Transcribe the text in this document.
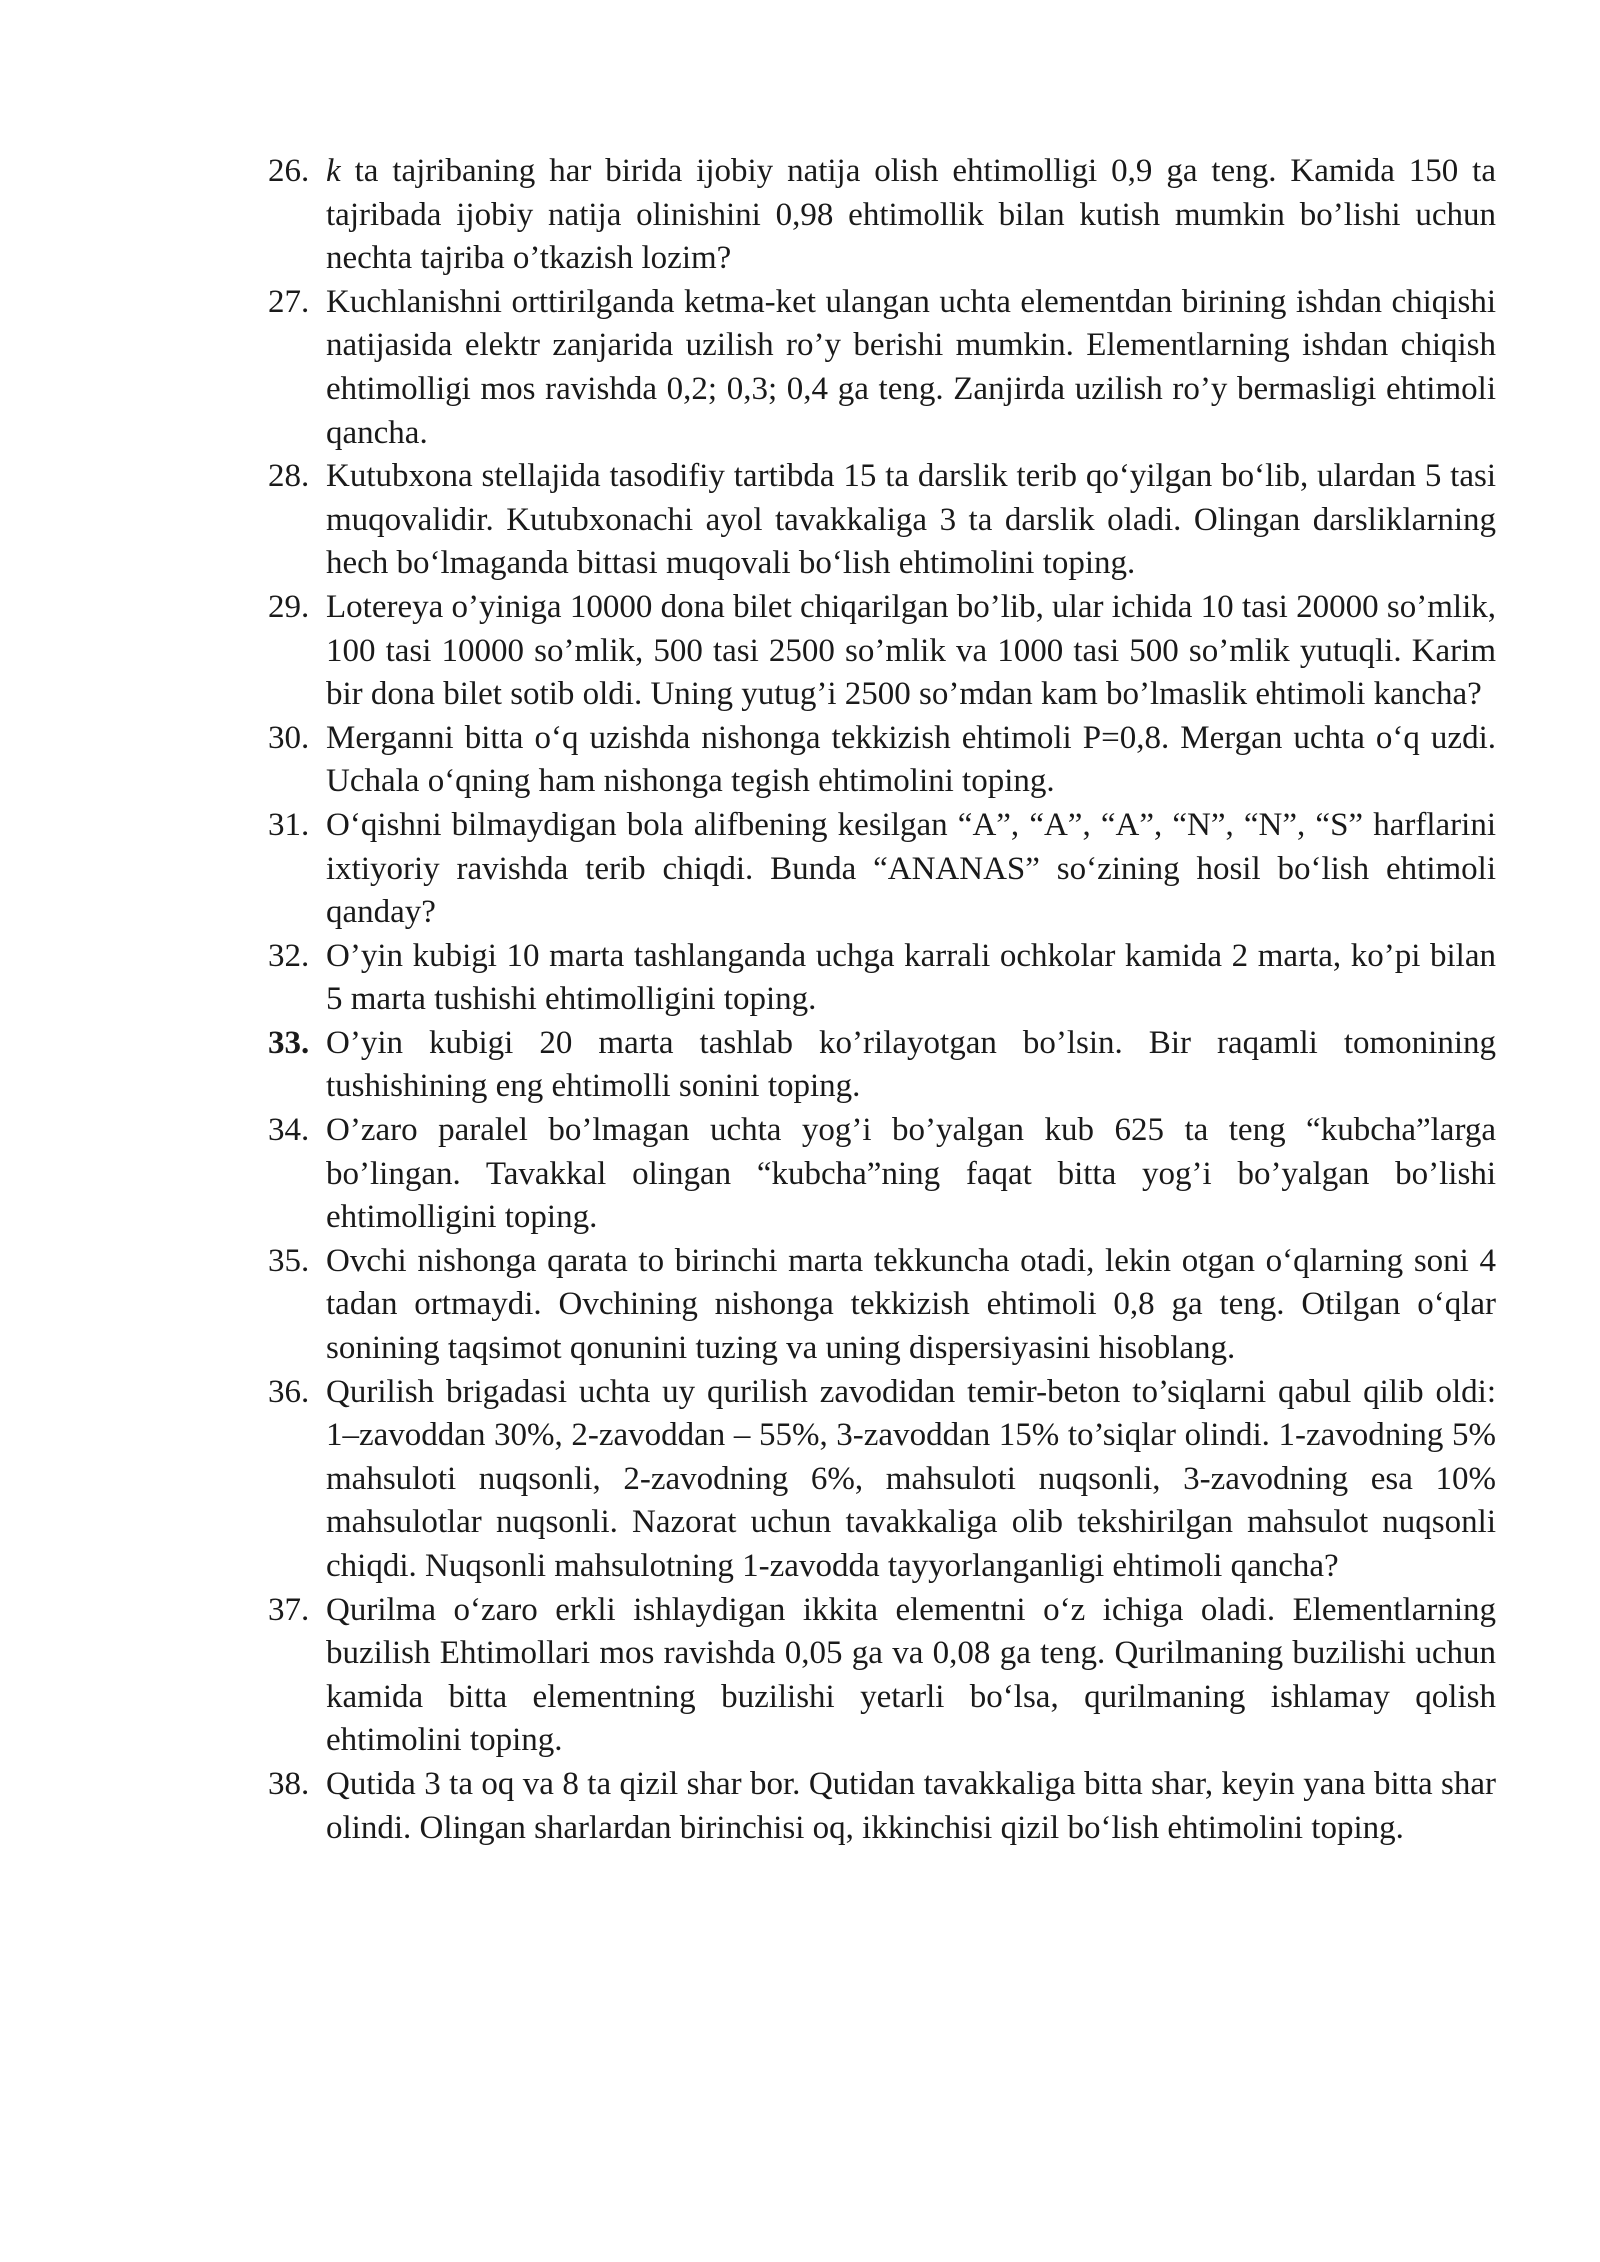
26. k ta tajribaning har birida ijobiy natija olish ehtimolligi 0,9 ga teng. Kamida 150 ta tajribada ijobiy natija olinishini 0,98 ehtimollik bilan kutish mumkin bo’lishi uchun nechta tajriba o’tkazish lozim?
27. Kuchlanishni orttirilganda ketma-ket ulangan uchta elementdan birining ishdan chiqishi natijasida elektr zanjarida uzilish ro’y berishi mumkin. Elementlarning ishdan chiqish ehtimolligi mos ravishda 0,2; 0,3; 0,4 ga teng. Zanjirda uzilish ro’y bermasligi ehtimoli qancha.
28. Kutubxona stellajida tasodifiy tartibda 15 ta darslik terib qo‘yilgan bo‘lib, ulardan 5 tasi muqovalidir. Kutubxonachi ayol tavakkaliga 3 ta darslik oladi. Olingan darsliklarning hech bo‘lmaganda bittasi muqovali bo‘lish ehtimolini toping.
29. Lotereya o’yiniga 10000 dona bilet chiqarilgan bo’lib, ular ichida 10 tasi 20000 so’mlik, 100 tasi 10000 so’mlik, 500 tasi 2500 so’mlik va 1000 tasi 500 so’mlik yutuqli. Karim bir dona bilet sotib oldi. Uning yutug’i 2500 so’mdan kam bo’lmaslik ehtimoli kancha?
30. Merganni bitta o‘q uzishda nishonga tekkizish ehtimoli P=0,8. Mergan uchta o‘q uzdi. Uchala o‘qning ham nishonga tegish ehtimolini toping.
31. O‘qishni bilmaydigan bola alifbening kesilgan “A”, “A”, “A”, “N”, “N”, “S” harflarini ixtiyoriy ravishda terib chiqdi. Bunda “ANANAS” so‘zining hosil bo‘lish ehtimoli qanday?
32. O’yin kubigi 10 marta tashlanganda uchga karrali ochkolar kamida 2 marta, ko’pi bilan 5 marta tushishi ehtimolligini toping.
33. O’yin kubigi 20 marta tashlab ko’rilayotgan bo’lsin. Bir raqamli tomonining tushishining eng ehtimolli sonini toping.
34. O’zaro paralel bo’lmagan uchta yog’i bo’yalgan kub 625 ta teng “kubcha”larga bo’lingan. Tavakkal olingan “kubcha”ning faqat bitta yog’i bo’yalgan bo’lishi ehtimolligini toping.
35. Ovchi nishonga qarata to birinchi marta tekkuncha otadi, lekin otgan o‘qlarning soni 4 tadan ortmaydi. Ovchining nishonga tekkizish ehtimoli 0,8 ga teng. Otilgan o‘qlar sonining taqsimot qonunini tuzing va uning dispersiyasini hisoblang.
36. Qurilish brigadasi uchta uy qurilish zavodidan temir-beton to’siqlarni qabul qilib oldi: 1–zavoddan 30%, 2-zavoddan – 55%, 3-zavoddan 15% to’siqlar olindi. 1-zavodning 5% mahsuloti nuqsonli, 2-zavodning 6%, mahsuloti nuqsonli, 3-zavodning esa 10% mahsulotlar nuqsonli. Nazorat uchun tavakkaliga olib tekshirilgan mahsulot nuqsonli chiqdi. Nuqsonli mahsulotning 1-zavodda tayyorlanganligi ehtimoli qancha?
37. Qurilma o‘zaro erkli ishlaydigan ikkita elementni o‘z ichiga oladi. Elementlarning buzilish Ehtimollari mos ravishda 0,05 ga va 0,08 ga teng. Qurilmaning buzilishi uchun kamida bitta elementning buzilishi yetarli bo‘lsa, qurilmaning ishlamay qolish ehtimolini toping.
38. Qutida 3 ta oq va 8 ta qizil shar bor. Qutidan tavakkaliga bitta shar, keyin yana bitta shar olindi. Olingan sharlardan birinchisi oq, ikkinchisi qizil bo‘lish ehtimolini toping.
